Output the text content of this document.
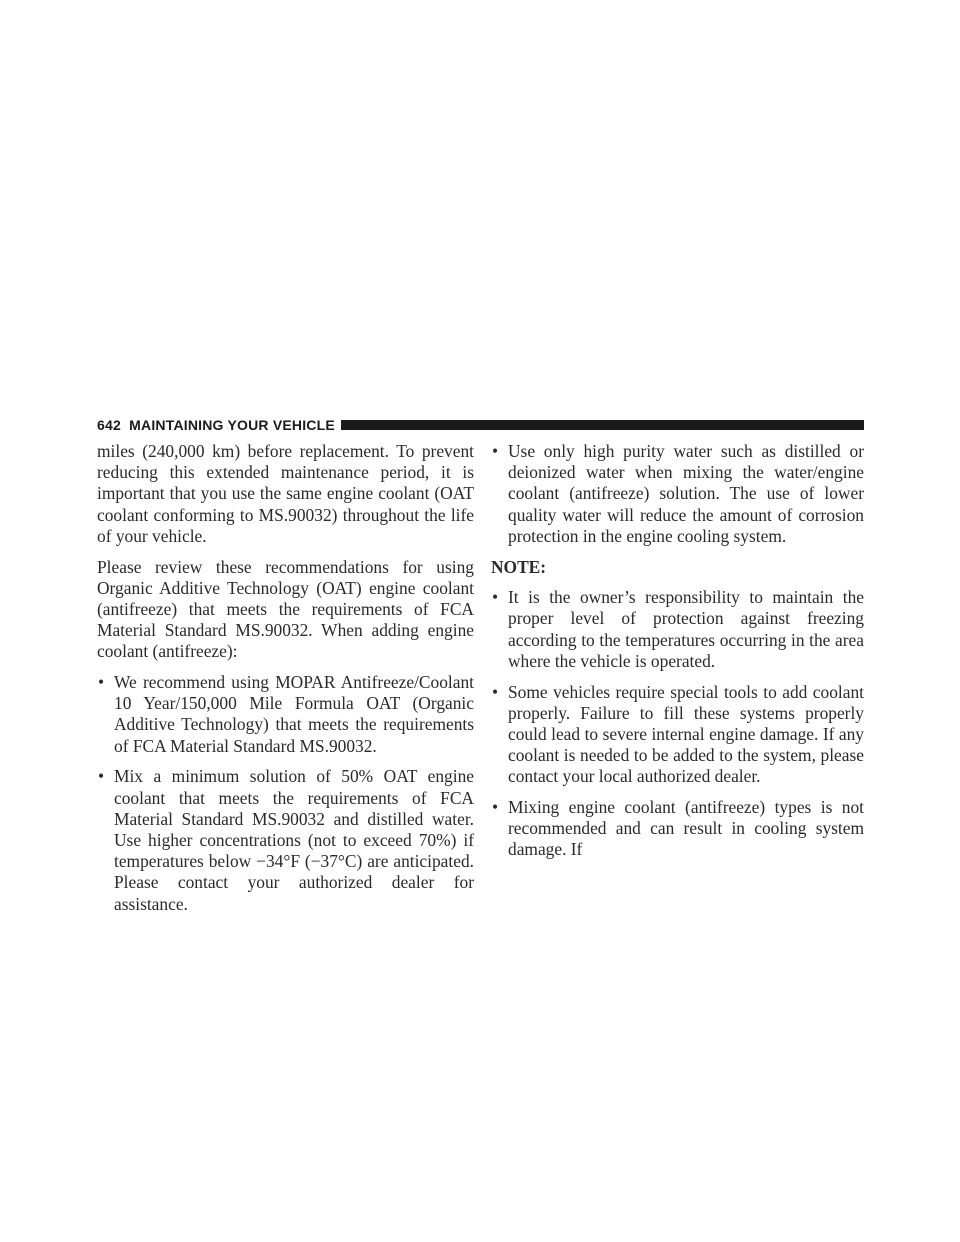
642 MAINTAINING YOUR VEHICLE

miles (240,000 km) before replacement. To prevent reducing this extended maintenance period, it is important that you use the same engine coolant (OAT coolant conforming to MS.90032) throughout the life of your vehicle.

Please review these recommendations for using Organic Additive Technology (OAT) engine coolant (antifreeze) that meets the requirements of FCA Material Standard MS.90032. When adding engine coolant (antifreeze):

• We recommend using MOPAR Antifreeze/Coolant 10 Year/150,000 Mile Formula OAT (Organic Additive Technology) that meets the requirements of FCA Material Standard MS.90032.
• Mix a minimum solution of 50% OAT engine coolant that meets the requirements of FCA Material Standard MS.90032 and distilled water. Use higher concentrations (not to exceed 70%) if temperatures below −34°F (−37°C) are anticipated. Please contact your authorized dealer for assistance.
• Use only high purity water such as distilled or deionized water when mixing the water/engine coolant (antifreeze) solution. The use of lower quality water will reduce the amount of corrosion protection in the engine cooling system.
NOTE:
• It is the owner’s responsibility to maintain the proper level of protection against freezing according to the temperatures occurring in the area where the vehicle is operated.
• Some vehicles require special tools to add coolant properly. Failure to fill these systems properly could lead to severe internal engine damage. If any coolant is needed to be added to the system, please contact your local authorized dealer.
• Mixing engine coolant (antifreeze) types is not recommended and can result in cooling system damage. If
